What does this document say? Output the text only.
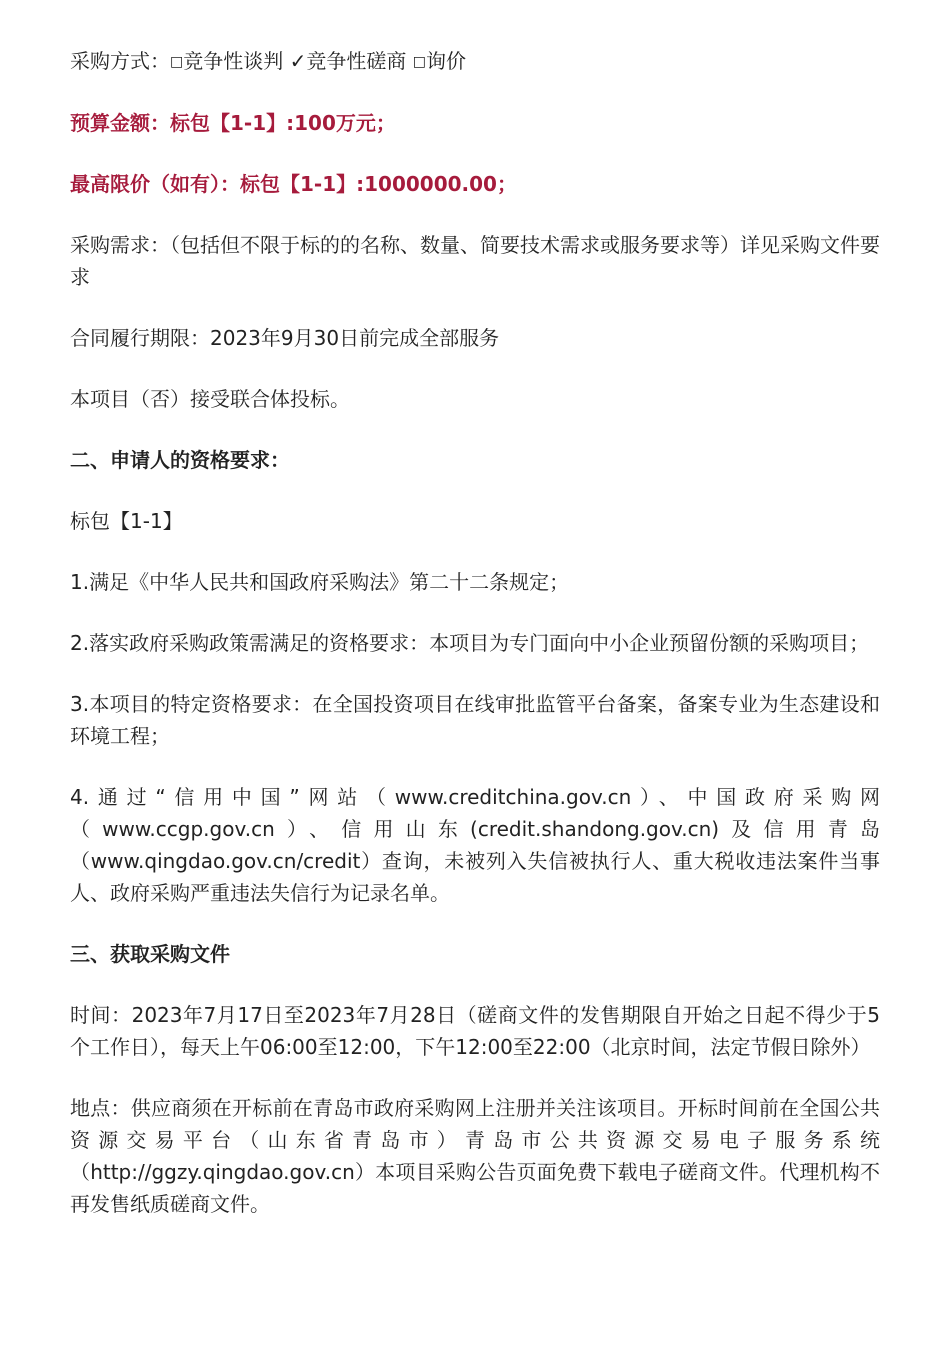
采购方式：□竞争性谈判 ✓竞争性磋商 □询价

预算金额：标包【1-1】:100万元；

最高限价（如有）：标包【1-1】:1000000.00；

采购需求：（包括但不限于标的的名称、数量、简要技术需求或服务要求等）详见采购文件要求

合同履行期限：2023年9月30日前完成全部服务

本项目（否）接受联合体投标。

二、申请人的资格要求：

标包【1-1】

1.满足《中华人民共和国政府采购法》第二十二条规定；

2.落实政府采购政策需满足的资格要求：本项目为专门面向中小企业预留份额的采购项目；

3.本项目的特定资格要求：在全国投资项目在线审批监管平台备案，备案专业为生态建设和环境工程；

4.通过“信用中国”网站（www.creditchina.gov.cn）、中国政府采购网（www.ccgp.gov.cn）、信用山东(credit.shandong.gov.cn)及信用青岛（www.qingdao.gov.cn/credit）查询，未被列入失信被执行人、重大税收违法案件当事人、政府采购严重违法失信行为记录名单。

三、获取采购文件

时间：2023年7月17日至2023年7月28日（磋商文件的发售期限自开始之日起不得少于5个工作日），每天上午06:00至12:00，下午12:00至22:00（北京时间，法定节假日除外）

地点：供应商须在开标前在青岛市政府采购网上注册并关注该项目。开标时间前在全国公共资源交易平台（山东省青岛市）青岛市公共资源交易电子服务系统（http://ggzy.qingdao.gov.cn）本项目采购公告页面免费下载电子磋商文件。代理机构不再发售纸质磋商文件。
